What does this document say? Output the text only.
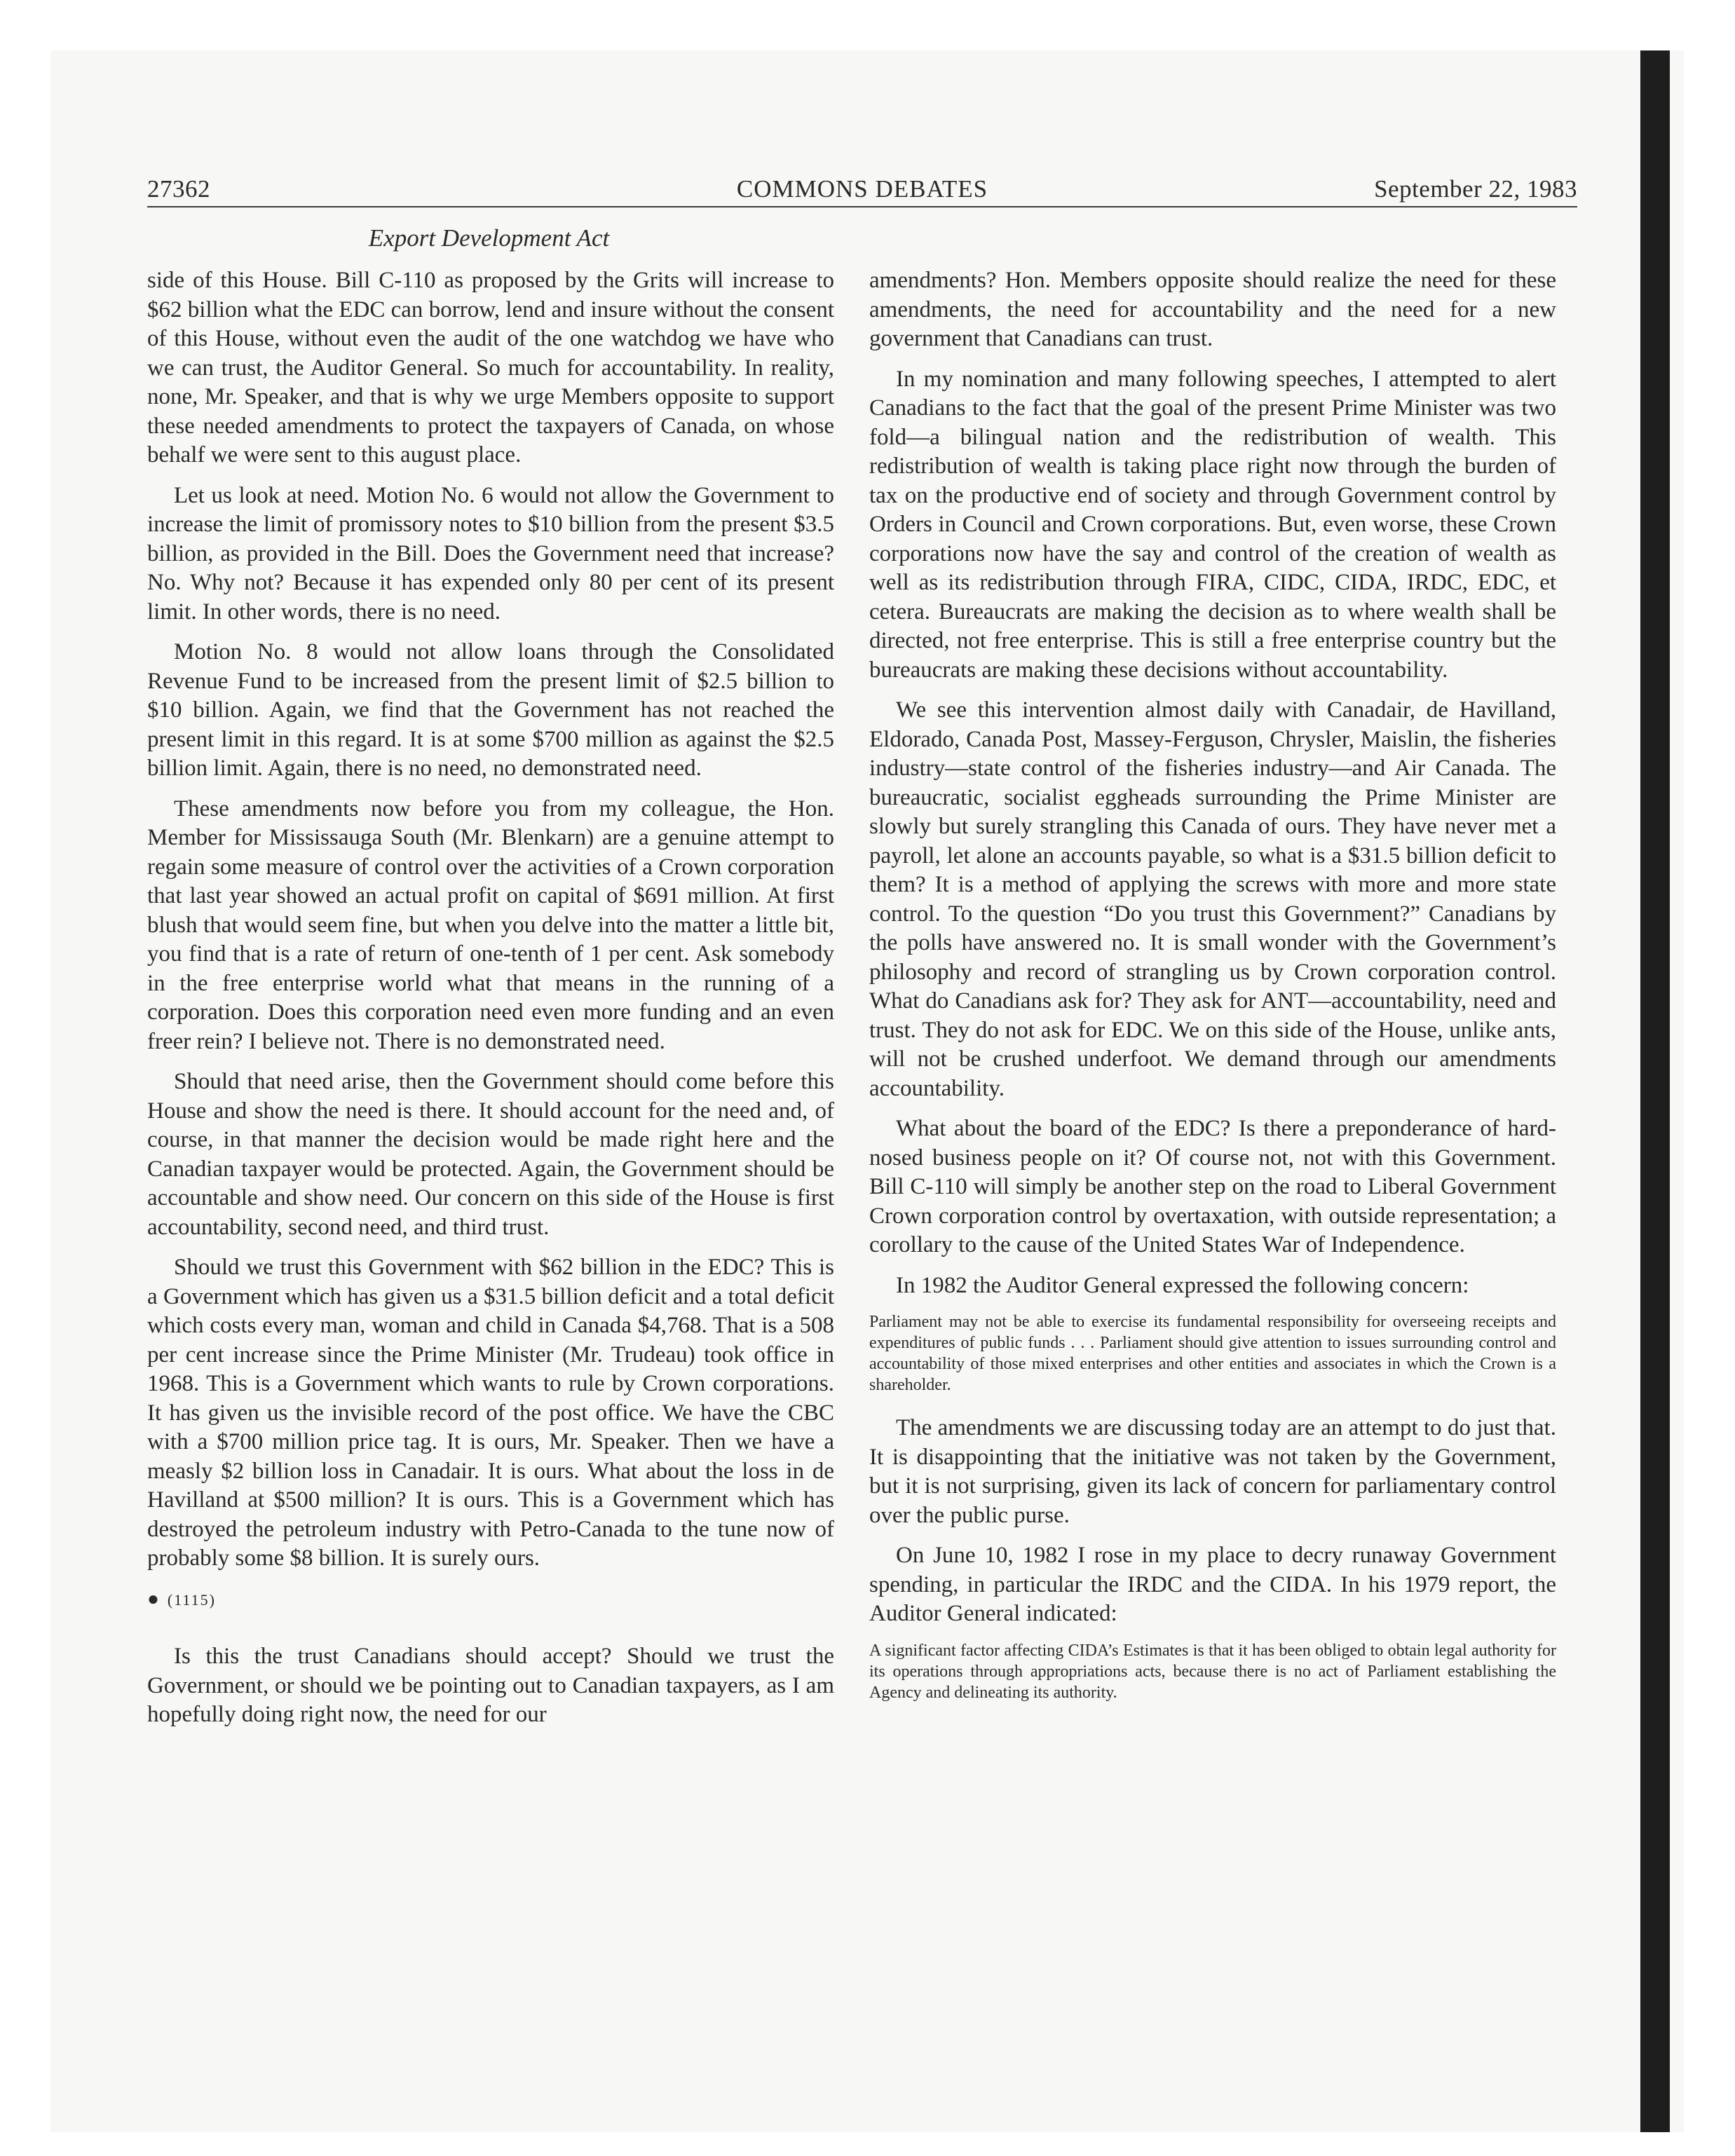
27362	COMMONS DEBATES	September 22, 1983
Export Development Act

side of this House. Bill C-110 as proposed by the Grits will increase to $62 billion what the EDC can borrow, lend and insure without the consent of this House, without even the audit of the one watchdog we have who we can trust, the Auditor General. So much for accountability. In reality, none, Mr. Speaker, and that is why we urge Members opposite to support these needed amendments to protect the taxpayers of Canada, on whose behalf we were sent to this august place.

Let us look at need. Motion No. 6 would not allow the Government to increase the limit of promissory notes to $10 billion from the present $3.5 billion, as provided in the Bill. Does the Government need that increase? No. Why not? Because it has expended only 80 per cent of its present limit. In other words, there is no need.

Motion No. 8 would not allow loans through the Consolidated Revenue Fund to be increased from the present limit of $2.5 billion to $10 billion. Again, we find that the Government has not reached the present limit in this regard. It is at some $700 million as against the $2.5 billion limit. Again, there is no need, no demonstrated need.

These amendments now before you from my colleague, the Hon. Member for Mississauga South (Mr. Blenkarn) are a genuine attempt to regain some measure of control over the activities of a Crown corporation that last year showed an actual profit on capital of $691 million. At first blush that would seem fine, but when you delve into the matter a little bit, you find that is a rate of return of one-tenth of 1 per cent. Ask somebody in the free enterprise world what that means in the running of a corporation. Does this corporation need even more funding and an even freer rein? I believe not. There is no demonstrated need.

Should that need arise, then the Government should come before this House and show the need is there. It should account for the need and, of course, in that manner the decision would be made right here and the Canadian taxpayer would be protected. Again, the Government should be accountable and show need. Our concern on this side of the House is first accountability, second need, and third trust.

Should we trust this Government with $62 billion in the EDC? This is a Government which has given us a $31.5 billion deficit and a total deficit which costs every man, woman and child in Canada $4,768. That is a 508 per cent increase since the Prime Minister (Mr. Trudeau) took office in 1968. This is a Government which wants to rule by Crown corporations. It has given us the invisible record of the post office. We have the CBC with a $700 million price tag. It is ours, Mr. Speaker. Then we have a measly $2 billion loss in Canadair. It is ours. What about the loss in de Havilland at $500 million? It is ours. This is a Government which has destroyed the petroleum industry with Petro-Canada to the tune now of probably some $8 billion. It is surely ours.

● (1115)

Is this the trust Canadians should accept? Should we trust the Government, or should we be pointing out to Canadian taxpayers, as I am hopefully doing right now, the need for our

amendments? Hon. Members opposite should realize the need for these amendments, the need for accountability and the need for a new government that Canadians can trust.

In my nomination and many following speeches, I attempted to alert Canadians to the fact that the goal of the present Prime Minister was two fold—a bilingual nation and the redistribution of wealth. This redistribution of wealth is taking place right now through the burden of tax on the productive end of society and through Government control by Orders in Council and Crown corporations. But, even worse, these Crown corporations now have the say and control of the creation of wealth as well as its redistribution through FIRA, CIDC, CIDA, IRDC, EDC, et cetera. Bureaucrats are making the decision as to where wealth shall be directed, not free enterprise. This is still a free enterprise country but the bureaucrats are making these decisions without accountability.

We see this intervention almost daily with Canadair, de Havilland, Eldorado, Canada Post, Massey-Ferguson, Chrysler, Maislin, the fisheries industry—state control of the fisheries industry—and Air Canada. The bureaucratic, socialist eggheads surrounding the Prime Minister are slowly but surely strangling this Canada of ours. They have never met a payroll, let alone an accounts payable, so what is a $31.5 billion deficit to them? It is a method of applying the screws with more and more state control. To the question “Do you trust this Government?” Canadians by the polls have answered no. It is small wonder with the Government’s philosophy and record of strangling us by Crown corporation control. What do Canadians ask for? They ask for ANT—accountability, need and trust. They do not ask for EDC. We on this side of the House, unlike ants, will not be crushed underfoot. We demand through our amendments accountability.

What about the board of the EDC? Is there a preponderance of hard-nosed business people on it? Of course not, not with this Government. Bill C-110 will simply be another step on the road to Liberal Government Crown corporation control by overtaxation, with outside representation; a corollary to the cause of the United States War of Independence.

In 1982 the Auditor General expressed the following concern:

Parliament may not be able to exercise its fundamental responsibility for overseeing receipts and expenditures of public funds . . . Parliament should give attention to issues surrounding control and accountability of those mixed enterprises and other entities and associates in which the Crown is a shareholder.

The amendments we are discussing today are an attempt to do just that. It is disappointing that the initiative was not taken by the Government, but it is not surprising, given its lack of concern for parliamentary control over the public purse.

On June 10, 1982 I rose in my place to decry runaway Government spending, in particular the IRDC and the CIDA. In his 1979 report, the Auditor General indicated:

A significant factor affecting CIDA’s Estimates is that it has been obliged to obtain legal authority for its operations through appropriations acts, because there is no act of Parliament establishing the Agency and delineating its authority.
